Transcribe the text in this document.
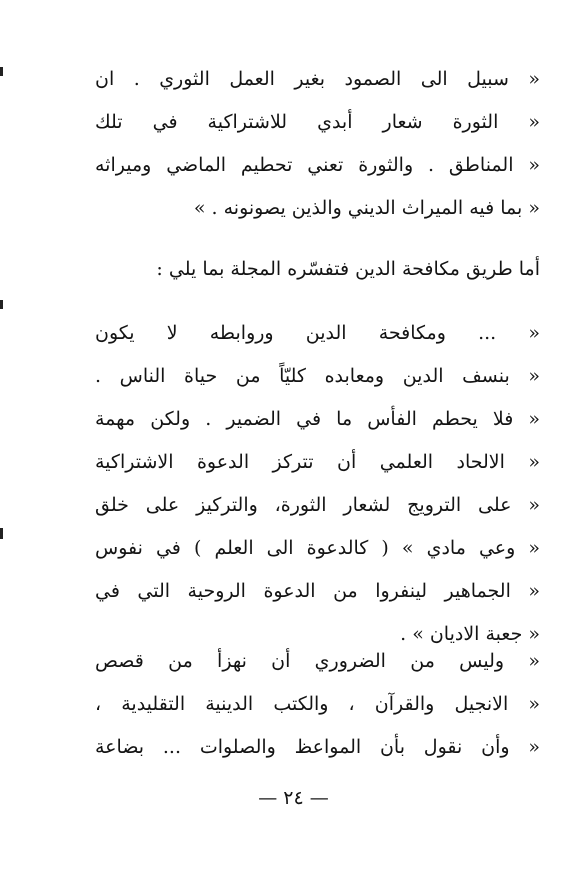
« سبيل الى الصمود بغير العمل الثوري . ان
« الثورة شعار أبدي للاشتراكية في تلك
« المناطق . والثورة تعني تحطيم الماضي وميراثه
« بما فيه الميراث الديني والذين يصونونه . »
أما طريق مكافحة الدين فتفسّره المجلة بما يلي :
« ... ومكافحة الدين وروابطه لا يكون
« بنسف الدين ومعابده كليّاً من حياة الناس .
« فلا يحطم الفأس ما في الضمير . ولكن مهمة
« الالحاد العلمي أن تتركز الدعوة الاشتراكية
« على الترويج لشعار الثورة، والتركيز على خلق
« وعي مادي » ( كالدعوة الى العلم ) في نفوس
« الجماهير لينفروا من الدعوة الروحية التي في
« جعبة الاديان » .
« وليس من الضروري أن نهزأ من قصص
« الانجيل والقرآن ، والكتب الدينية التقليدية ،
« وأن نقول بأن المواعظ والصلوات ... بضاعة
— ٢٤ —
